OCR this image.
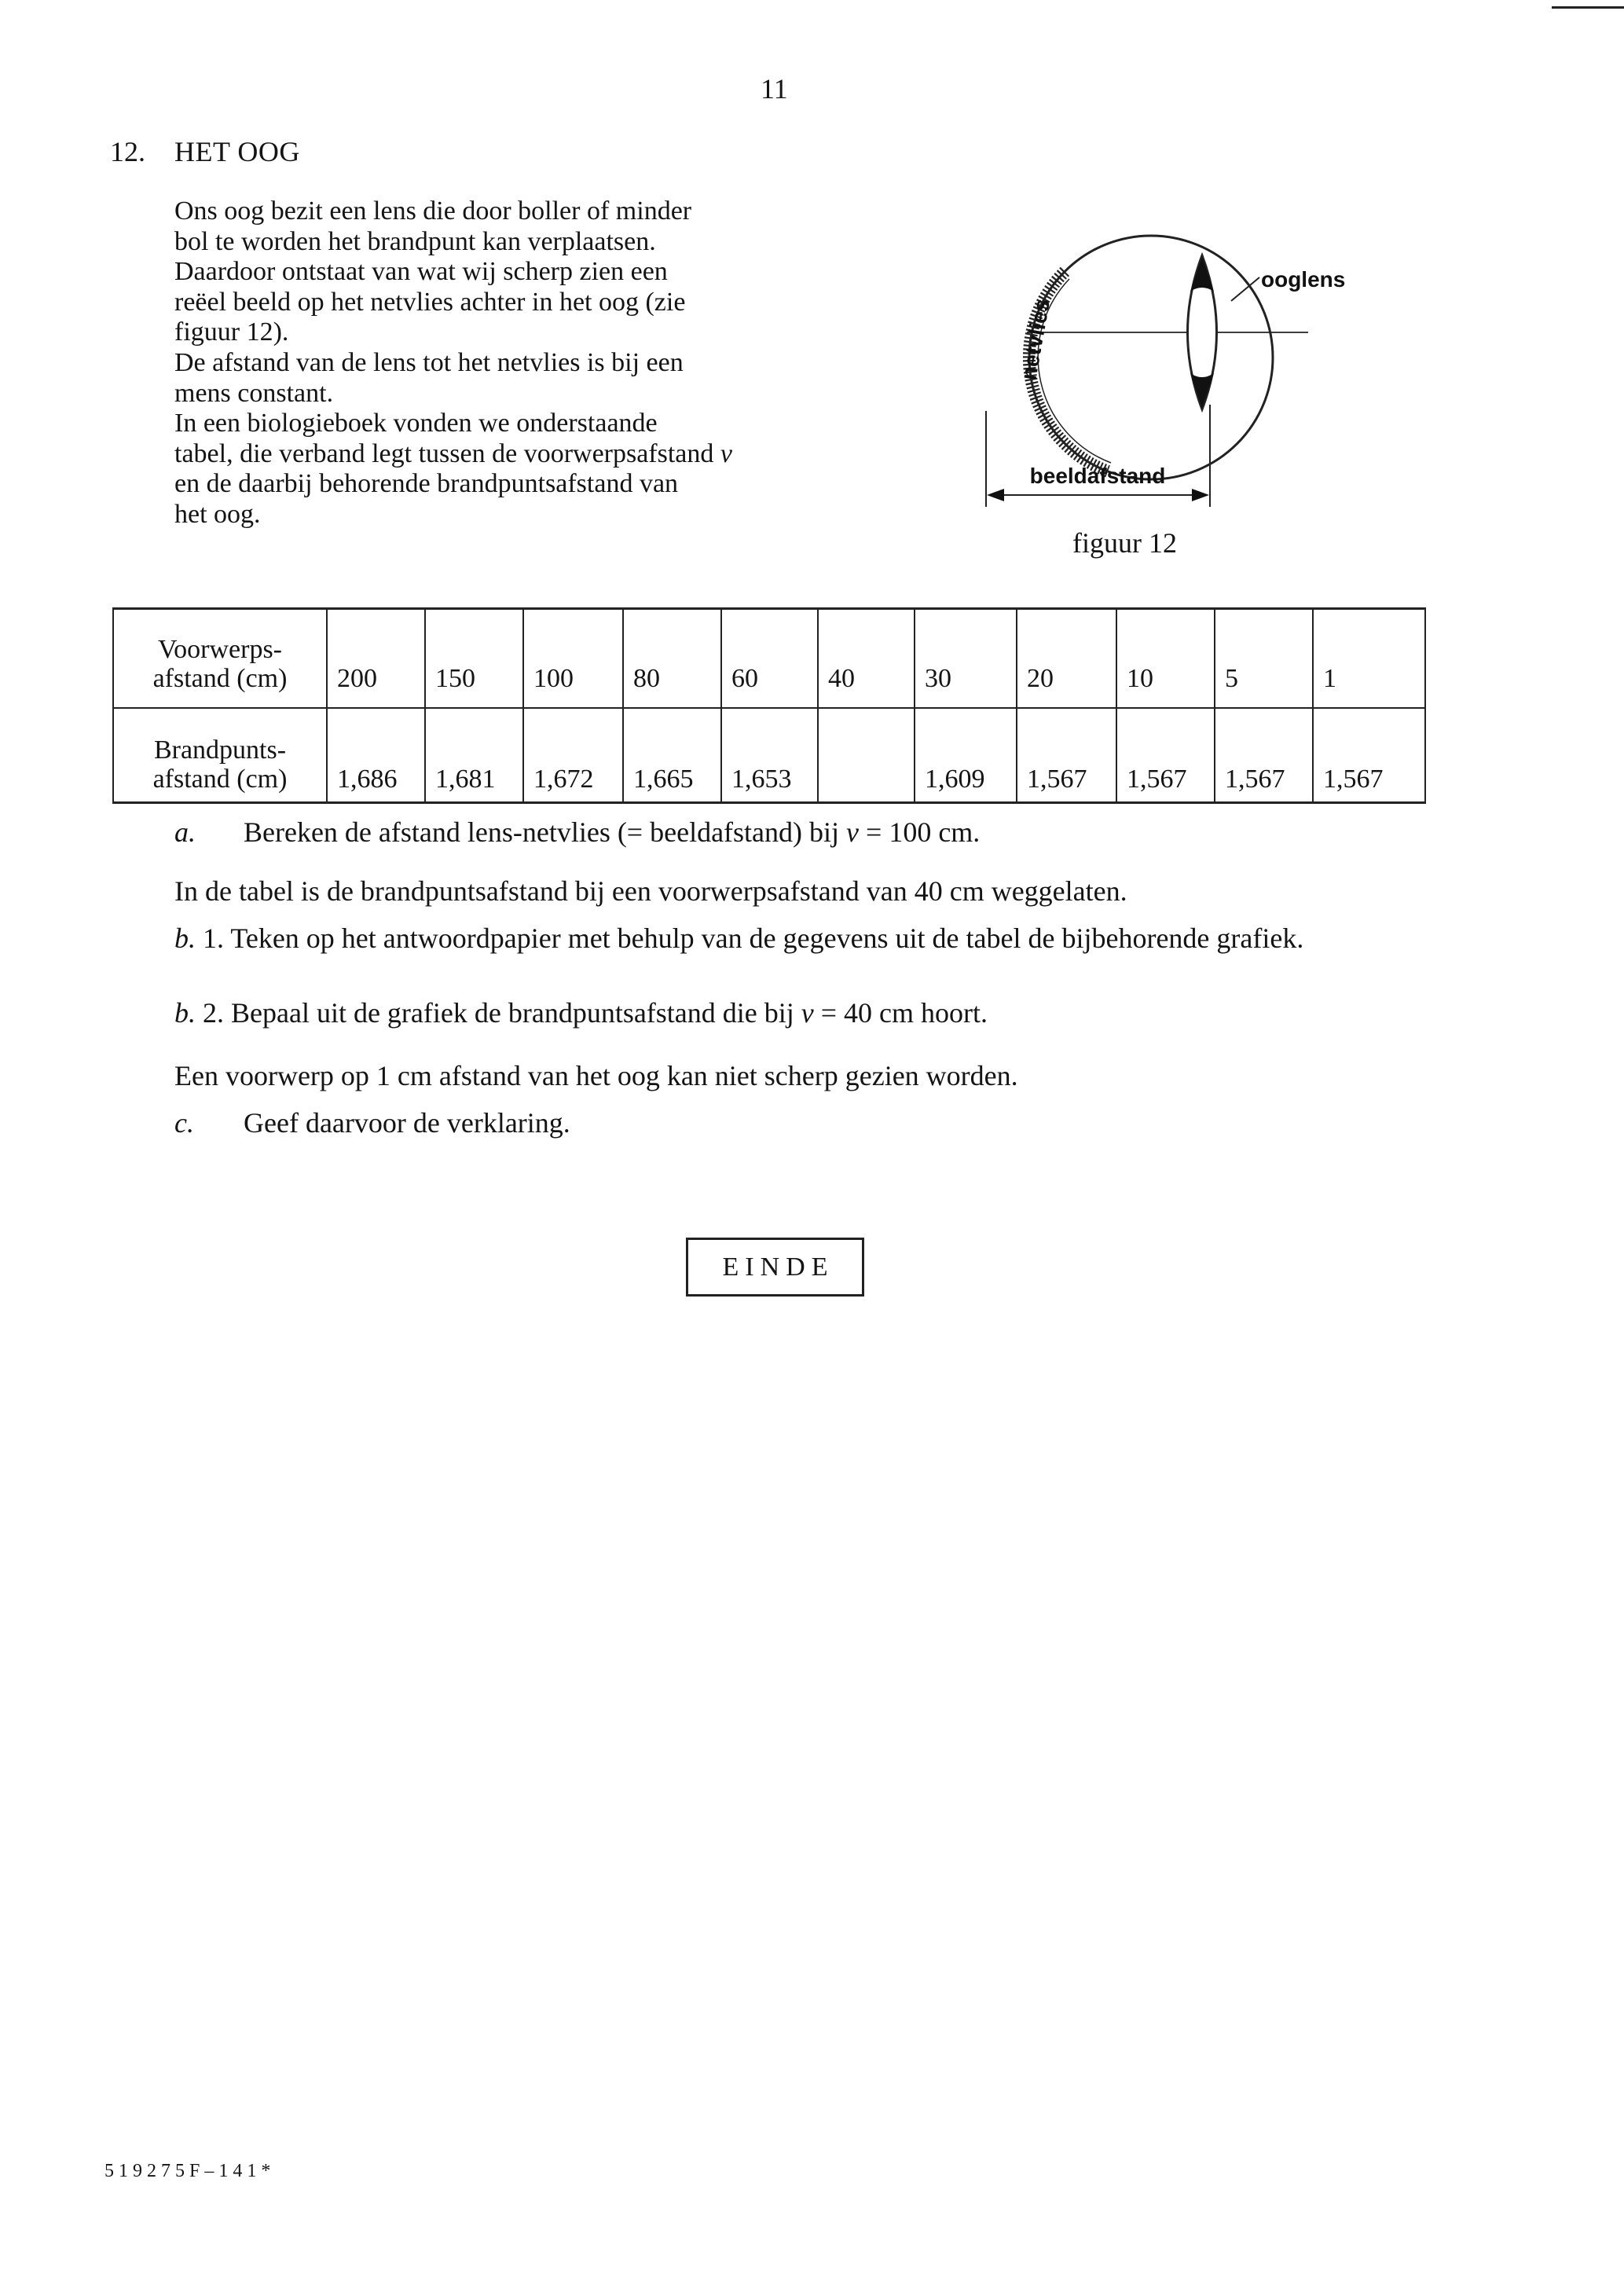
11
12. HET OOG
Ons oog bezit een lens die door boller of minder
bol te worden het brandpunt kan verplaatsen.
Daardoor ontstaat van wat wij scherp zien een
reëel beeld op het netvlies achter in het oog (zie
figuur 12).
De afstand van de lens tot het netvlies is bij een
mens constant.
In een biologieboek vonden we onderstaande
tabel, die verband legt tussen de voorwerpsafstand v
en de daarbij behorende brandpuntsafstand van
het oog.
ooglens
netvlies
beeldafstand
figuur 12
Voorwerps-
afstand (cm)	200	150	100	80	60	40	30	20	10	5	1
Brandpunts-
afstand (cm)	1,686	1,681	1,672	1,665	1,653		1,609	1,567	1,567	1,567	1,567
a. Bereken de afstand lens-netvlies (= beeldafstand) bij v = 100 cm.
In de tabel is de brandpuntsafstand bij een voorwerpsafstand van 40 cm weggelaten.
b. 1. Teken op het antwoordpapier met behulp van de gegevens uit de tabel de bijbehorende grafiek.
b. 2. Bepaal uit de grafiek de brandpuntsafstand die bij v = 40 cm hoort.
Een voorwerp op 1 cm afstand van het oog kan niet scherp gezien worden.
c. Geef daarvoor de verklaring.
EINDE
519275F–141*
